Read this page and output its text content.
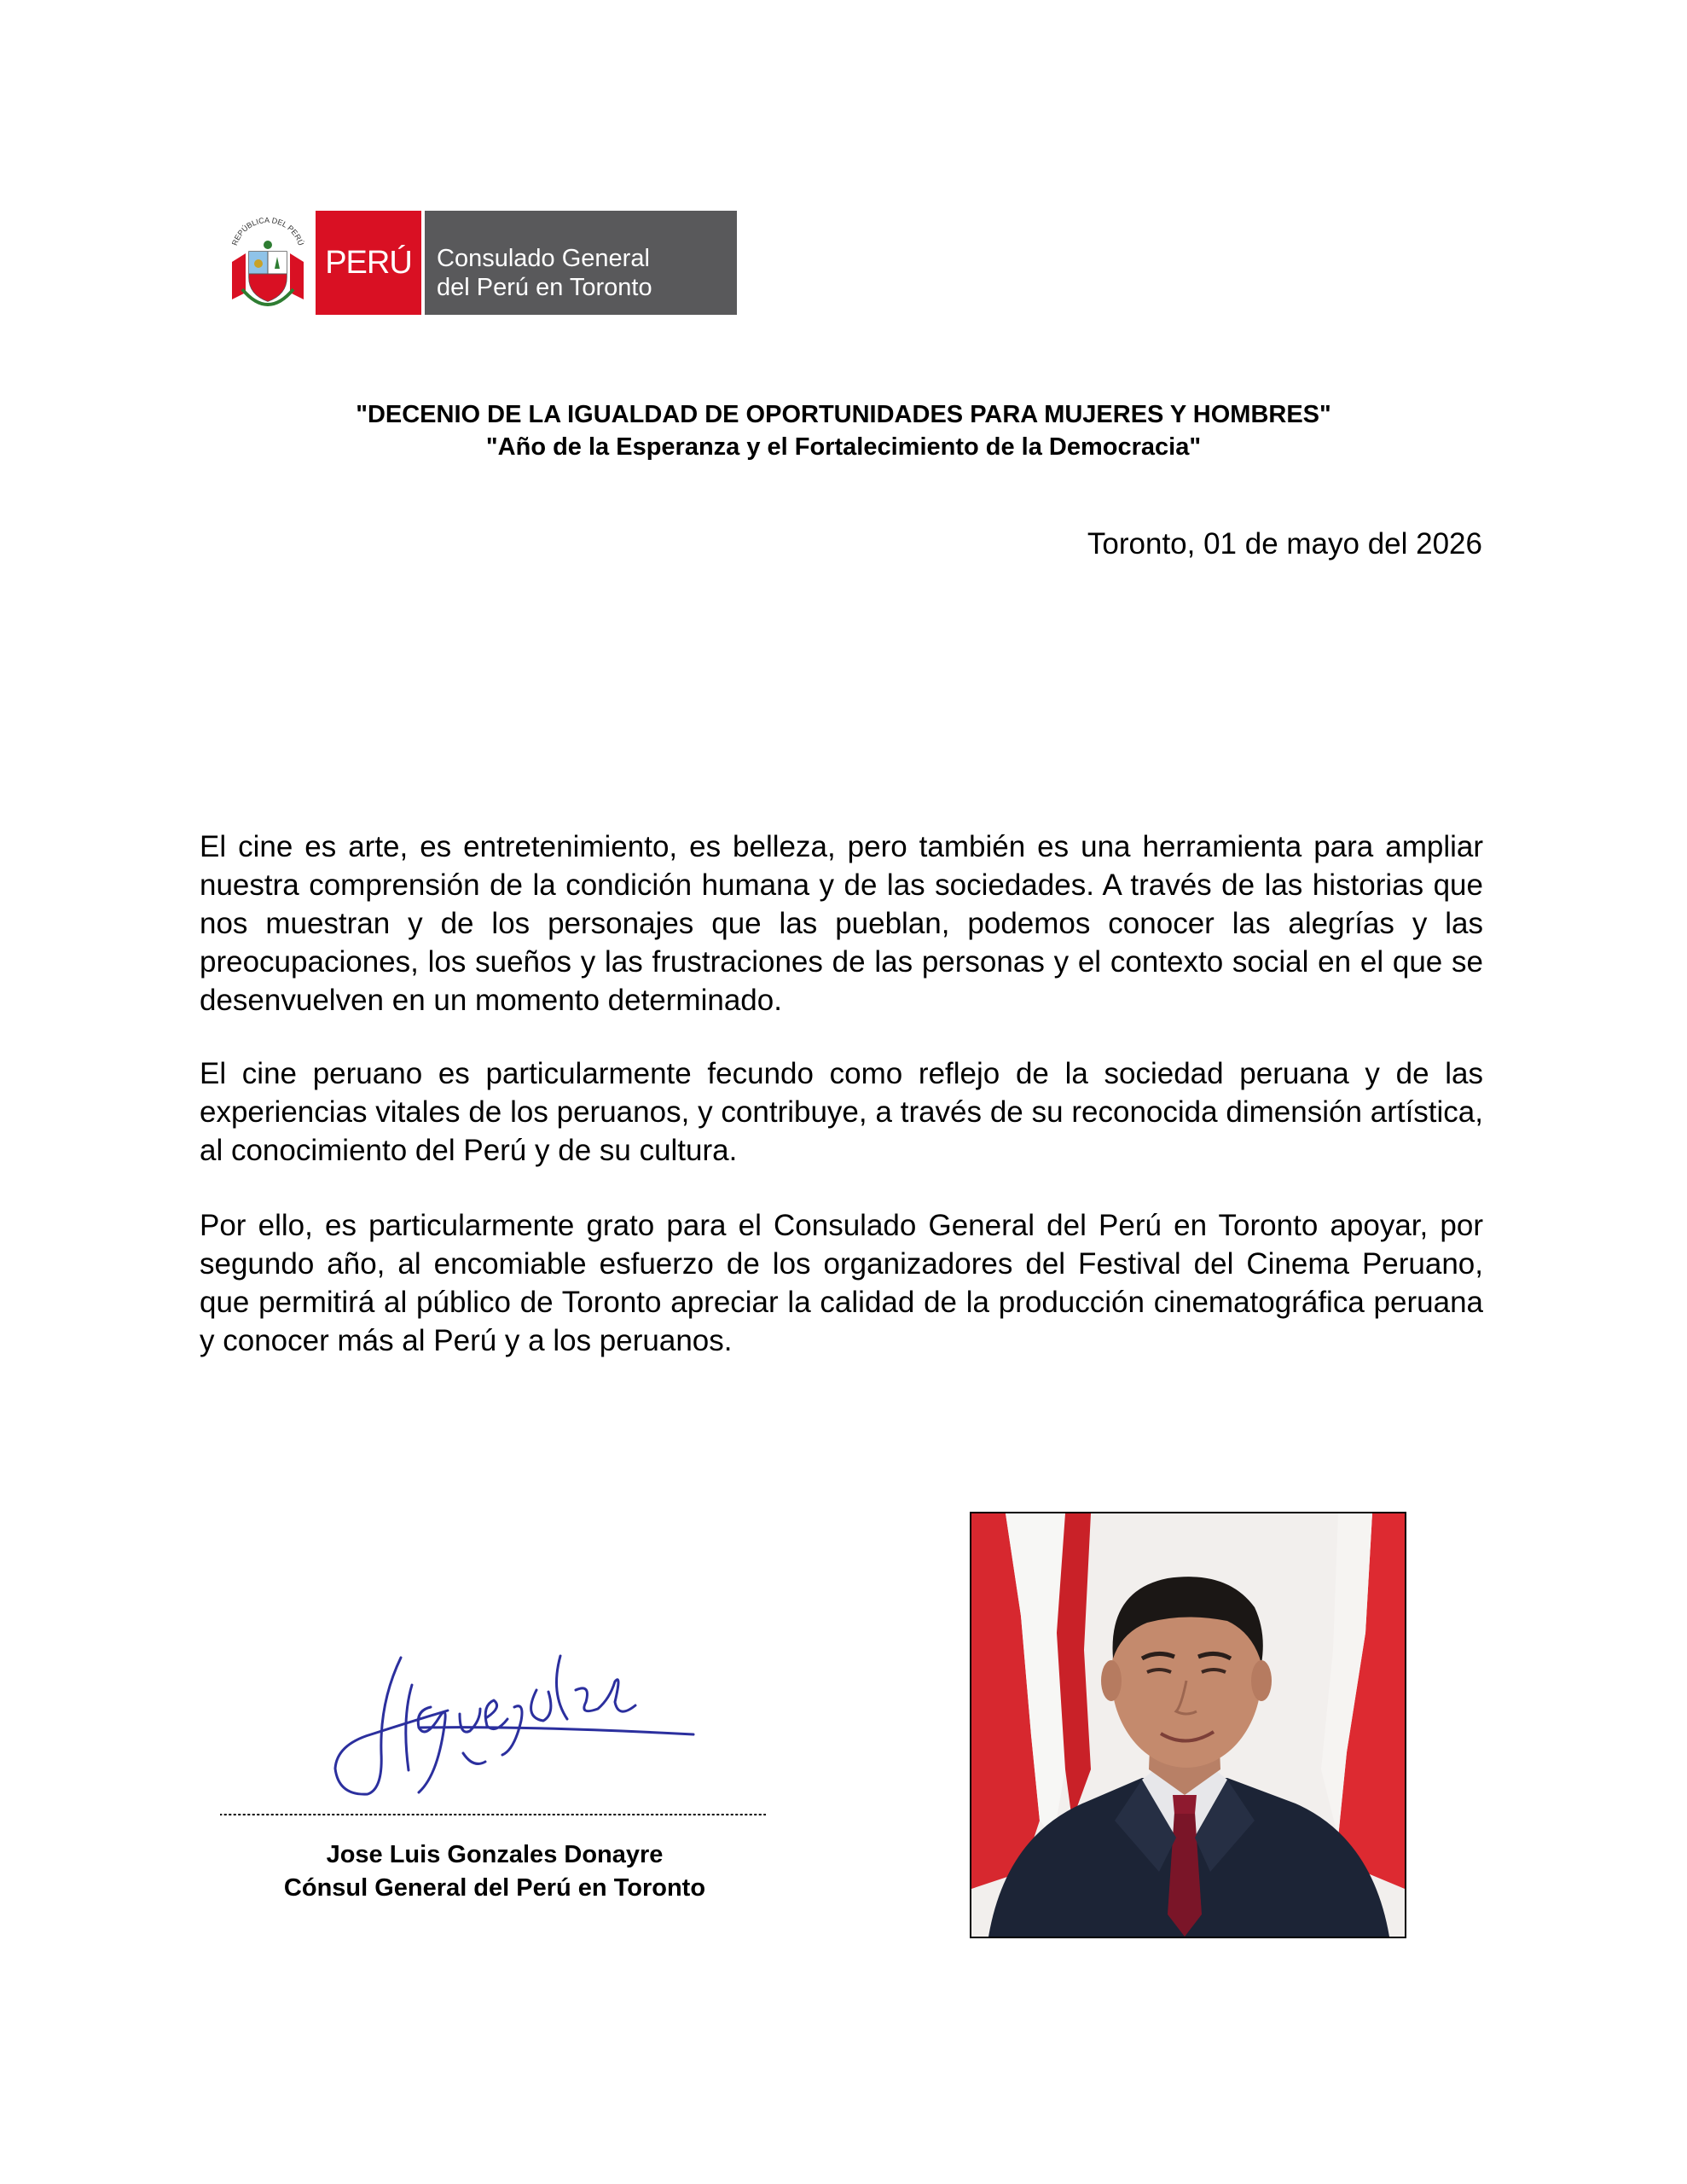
REPÚBLICA DEL PERÚ
PERÚ	Consulado General
del Perú en Toronto
"DECENIO DE LA IGUALDAD DE OPORTUNIDADES PARA MUJERES Y HOMBRES"
"Año de la Esperanza y el Fortalecimiento de la Democracia"
Toronto, 01 de mayo del 2026

El cine es arte, es entretenimiento, es belleza, pero también es una herramienta para ampliar nuestra comprensión de la condición humana y de las sociedades. A través de las historias que nos muestran y de los personajes que las pueblan, podemos conocer las alegrías y las preocupaciones, los sueños y las frustraciones de las personas y el contexto social en el que se desenvuelven en un momento determinado.

El cine peruano es particularmente fecundo como reflejo de la sociedad peruana y de las experiencias vitales de los peruanos, y contribuye, a través de su reconocida dimensión artística, al conocimiento del Perú y de su cultura.

Por ello, es particularmente grato para el Consulado General del Perú en Toronto apoyar, por segundo año, al encomiable esfuerzo de los organizadores del Festival del Cinema Peruano, que permitirá al público de Toronto apreciar la calidad de la producción cinematográfica peruana y conocer más al Perú y a los peruanos.

Jose Luis Gonzales Donayre
Cónsul General del Perú en Toronto
